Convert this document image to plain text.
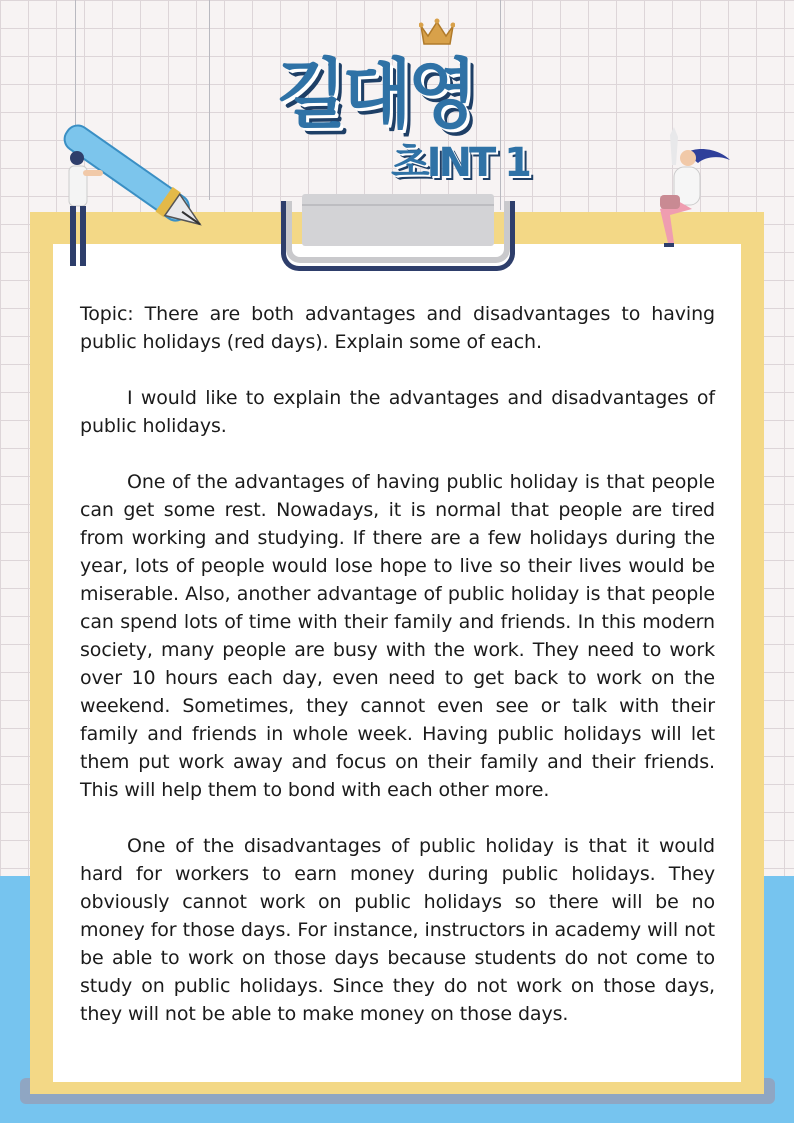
길대영
초INT 1

Topic: There are both advantages and disadvantages to having public holidays (red days). Explain some of each.

I would like to explain the advantages and disadvantages of public holidays.

One of the advantages of having public holiday is that people can get some rest. Nowadays, it is normal that people are tired from working and studying. If there are a few holidays during the year, lots of people would lose hope to live so their lives would be miserable. Also, another advantage of public holiday is that people can spend lots of time with their family and friends. In this modern society, many people are busy with the work. They need to work over 10 hours each day, even need to get back to work on the weekend. Sometimes, they cannot even see or talk with their family and friends in whole week. Having public holidays will let them put work away and focus on their family and their friends. This will help them to bond with each other more.

One of the disadvantages of public holiday is that it would hard for workers to earn money during public holidays. They obviously cannot work on public holidays so there will be no money for those days. For instance, instructors in academy will not be able to work on those days because students do not come to study on public holidays. Since they do not work on those days, they will not be able to make money on those days.
